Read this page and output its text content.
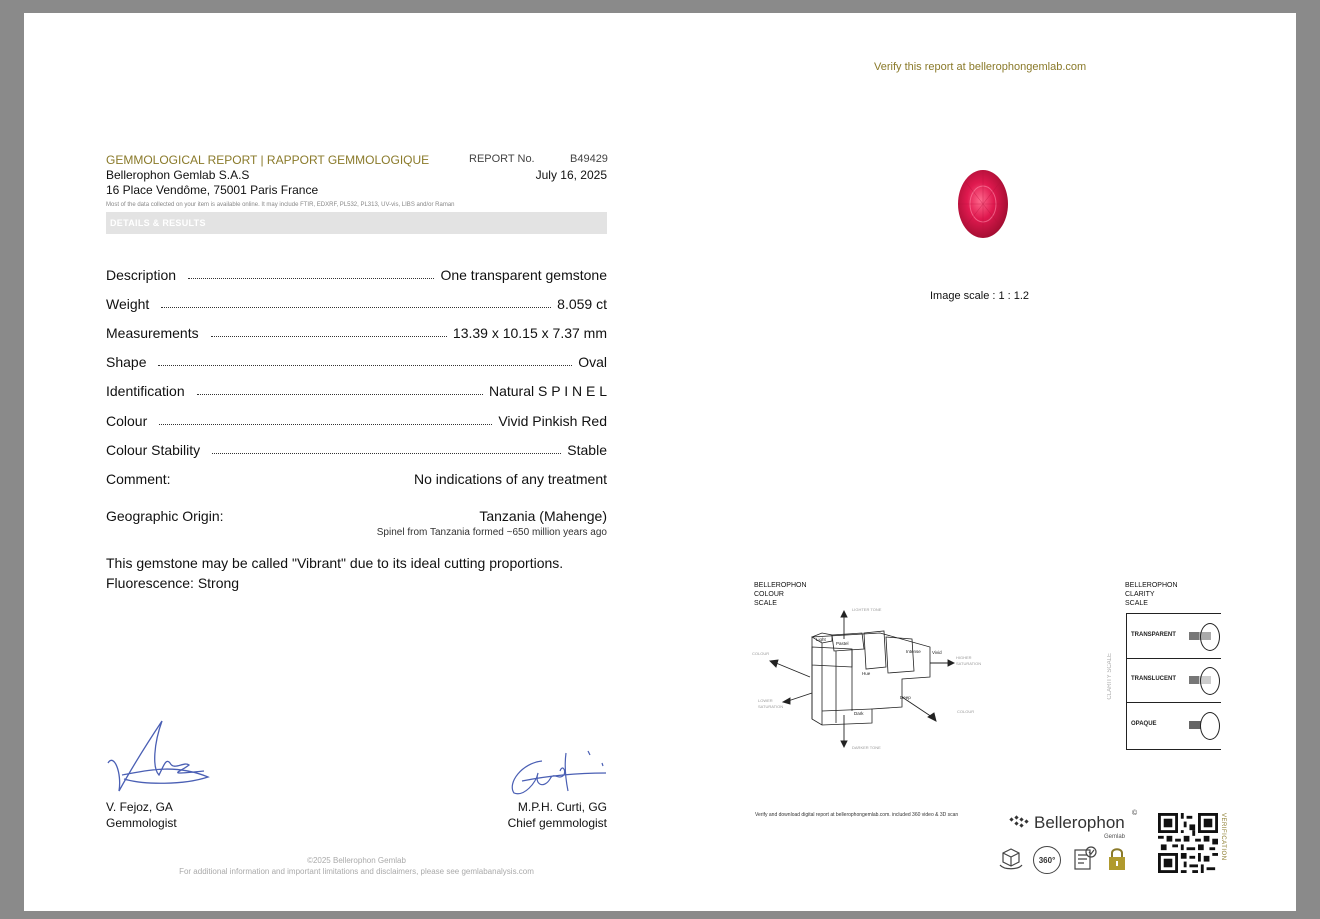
Verify this report at bellerophongemlab.com
GEMMOLOGICAL REPORT | RAPPORT GEMMOLOGIQUE	REPORT No.	B49429
Bellerophon Gemlab S.A.S
16 Place Vendôme, 75001 Paris France
July 16, 2025
Most of the data collected on your item is available online. It may include FTIR, EDXRF, PL532, PL313, UV-vis, LIBS and/or Raman
DETAILS & RESULTS
Description	One transparent gemstone
Weight	8.059 ct
Measurements	13.39 x 10.15 x 7.37 mm
Shape	Oval
Identification	Natural S P I N E L
Colour	Vivid Pinkish Red
Colour Stability	Stable
Comment:	No indications of any treatment
Geographic Origin:	Tanzania (Mahenge)
Spinel from Tanzania formed ~650 million years ago
This gemstone may be called "Vibrant" due to its ideal cutting proportions.
Fluorescence: Strong
V. Fejoz, GA
Gemmologist
M.P.H. Curti, GG
Chief gemmologist
©2025 Bellerophon Gemlab
For additional information and important limitations and disclaimers, please see gemlabanalysis.com
Image scale : 1 : 1.2
BELLEROPHON
COLOUR
SCALE
LIGHTER TONE
DARKER TONE
COLOUR
COLOUR
HIGHER
SATURATION
LOWER
SATURATION
Light
Pastel
Intense Vivid
Hue
Dark
Deep
BELLEROPHON
CLARITY
SCALE
CLARITY SCALE
TRANSPARENT
TRANSLUCENT
OPAQUE
Verify and download digital report at bellerophongemlab.com. included 360 video & 3D scan	Bellerophon ©
Gemlab
360°	VERIFICATION
